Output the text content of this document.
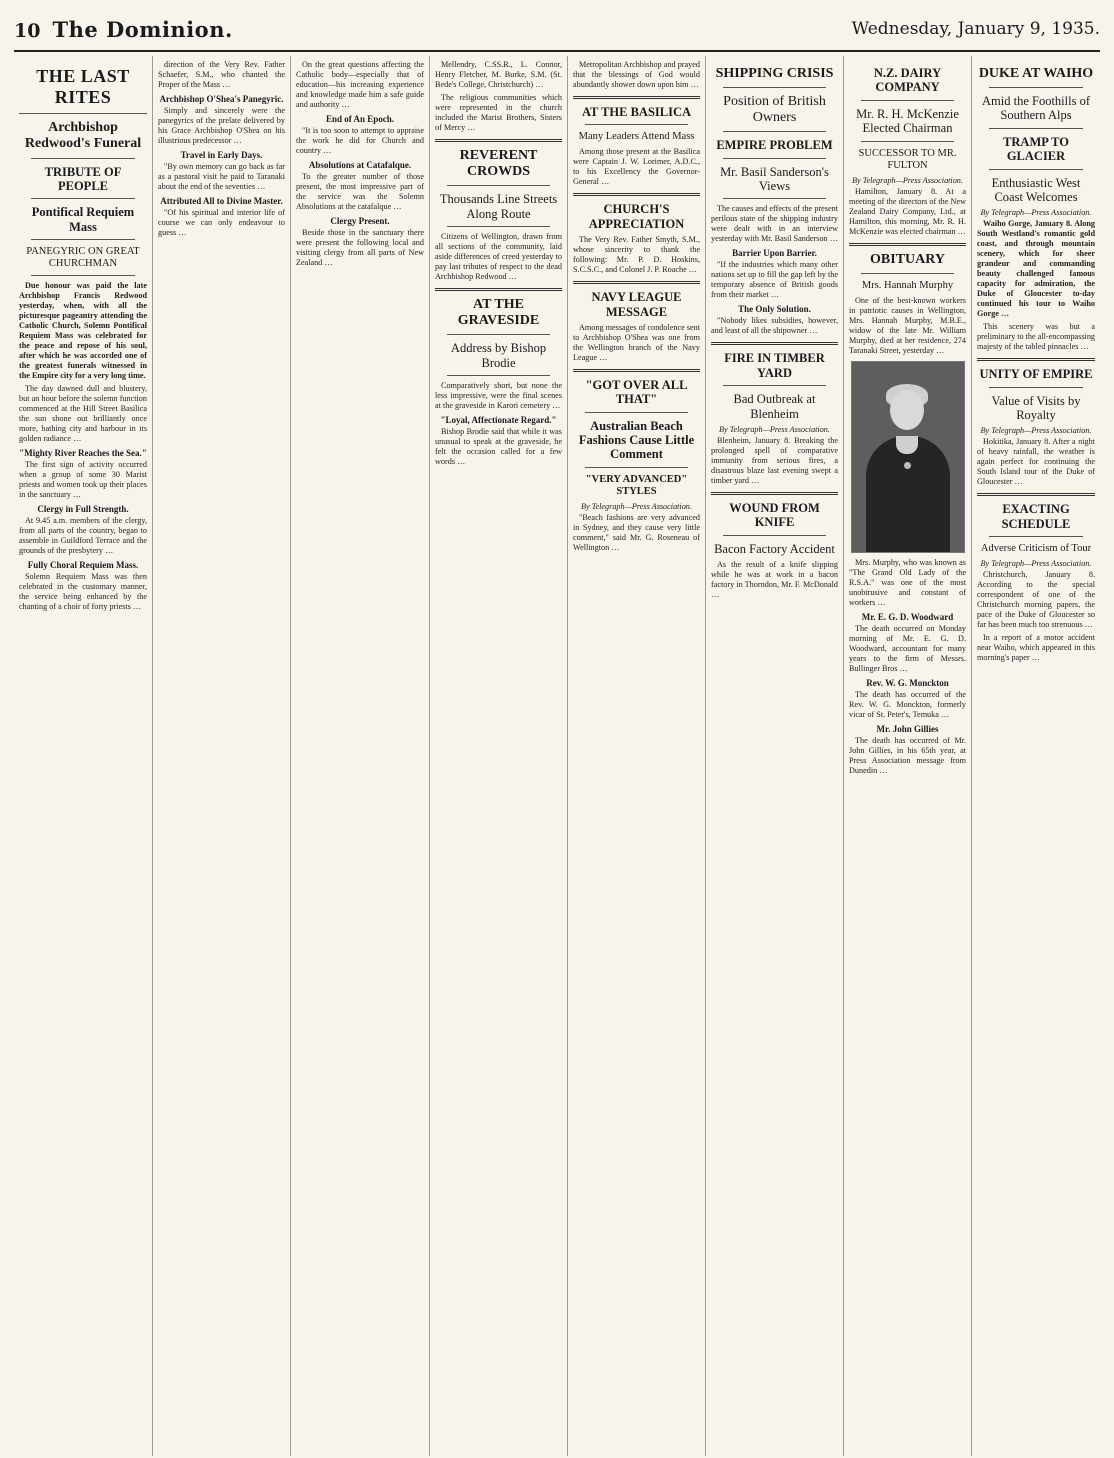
10 The Dominion.	Wednesday, January 9, 1935.
THE LAST RITES
Archbishop Redwood's Funeral
TRIBUTE OF PEOPLE
Pontifical Requiem Mass
PANEGYRIC ON GREAT CHURCHMAN

Due honour was paid the late Archbishop Francis Redwood yesterday, when, with all the picturesque pageantry attending the Catholic Church, Solemn Pontifical Requiem Mass was celebrated for the peace and repose of his soul, after which he was accorded one of the greatest funerals witnessed in the Empire city for a very long time.

The day dawned dull and blustery, but an hour before the solemn function commenced at the Hill Street Basilica the sun shone out brilliantly once more, bathing city and harbour in its golden radiance …

"Mighty River Reaches the Sea."

The first sign of activity occurred when a group of some 30 Marist priests and women took up their places in the sanctuary …

Clergy in Full Strength.

At 9.45 a.m. members of the clergy, from all parts of the country, began to assemble in Guildford Terrace and the grounds of the presbytery …

Fully Choral Requiem Mass.

Solemn Requiem Mass was then celebrated in the customary manner, the service being enhanced by the chanting of a choir of forty priests …

direction of the Very Rev. Father Schaefer, S.M., who chanted the Proper of the Mass …

Archbishop O'Shea's Panegyric.

Simply and sincerely were the panegyrics of the prelate delivered by his Grace Archbishop O'Shea on his illustrious predecessor …

Travel in Early Days.

"By own memory can go back as far as a pastoral visit he paid to Taranaki about the end of the seventies …

Attributed All to Divine Master.

"Of his spiritual and interior life of course we can only endeavour to guess …

On the great questions affecting the Catholic body—especially that of education—his increasing experience and knowledge made him a safe guide and authority …

End of An Epoch.

"It is too soon to attempt to appraise the work he did for Church and country …

Absolutions at Catafalque.

To the greater number of those present, the most impressive part of the service was the Solemn Absolutions at the catafalque …

Clergy Present.

Beside those in the sanctuary there were present the following local and visiting clergy from all parts of New Zealand …

Mellendry, C.SS.R., L. Connor, Henry Fletcher, M. Burke, S.M. (St. Bede's College, Christchurch) …

The religious communities which were represented in the church included the Marist Brothers, Sisters of Mercy …

REVERENT CROWDS
Thousands Line Streets Along Route

Citizens of Wellington, drawn from all sections of the community, laid aside differences of creed yesterday to pay last tributes of respect to the dead Archbishop Redwood …

AT THE GRAVESIDE
Address by Bishop Brodie

Comparatively short, but none the less impressive, were the final scenes at the graveside in Karori cemetery …

"Loyal, Affectionate Regard."

Bishop Brodie said that while it was unusual to speak at the graveside, he felt the occasion called for a few words …

Metropolitan Archbishop and prayed that the blessings of God would abundantly shower down upon him …

AT THE BASILICA
Many Leaders Attend Mass

Among those present at the Basilica were Captain J. W. Lorimer, A.D.C., to his Excellency the Governor-General …

CHURCH'S APPRECIATION

The Very Rev. Father Smyth, S.M., whose sincerity to thank the following: Mr. P. D. Hoskins, S.C.S.C., and Colonel J. P. Roache …

NAVY LEAGUE MESSAGE

Among messages of condolence sent to Archbishop O'Shea was one from the Wellington branch of the Navy League …

"GOT OVER ALL THAT"
Australian Beach Fashions Cause Little Comment
"VERY ADVANCED" STYLES
By Telegraph—Press Association.

"Beach fashions are very advanced in Sydney, and they cause very little comment," said Mr. G. Roseneau of Wellington …

SHIPPING CRISIS
Position of British Owners
EMPIRE PROBLEM
Mr. Basil Sanderson's Views

The causes and effects of the present perilous state of the shipping industry were dealt with in an interview yesterday with Mr. Basil Sanderson …

Barrier Upon Barrier.

"If the industries which many other nations set up to fill the gap left by the temporary absence of British goods from their market …

The Only Solution.

"Nobody likes subsidies, however, and least of all the shipowner …

FIRE IN TIMBER YARD
Bad Outbreak at Blenheim
By Telegraph—Press Association.

Blenheim, January 8. Breaking the prolonged spell of comparative immunity from serious fires, a disastrous blaze last evening swept a timber yard …

WOUND FROM KNIFE
Bacon Factory Accident

As the result of a knife slipping while he was at work in a bacon factory in Thorndon, Mr. F. McDonald …

N.Z. DAIRY COMPANY
Mr. R. H. McKenzie Elected Chairman
SUCCESSOR TO MR. FULTON
By Telegraph—Press Association.

Hamilton, January 8. At a meeting of the directors of the New Zealand Dairy Company, Ltd., at Hamilton, this morning, Mr. R. H. McKenzie was elected chairman …

OBITUARY
Mrs. Hannah Murphy

One of the best-known workers in patriotic causes in Wellington, Mrs. Hannah Murphy, M.B.E., widow of the late Mr. William Murphy, died at her residence, 274 Taranaki Street, yesterday …

Mrs. Murphy, who was known as "The Grand Old Lady of the R.S.A." was one of the most unobtrusive and constant of workers …

Mr. E. G. D. Woodward

The death occurred on Monday morning of Mr. E. G. D. Woodward, accountant for many years to the firm of Messrs. Bullinger Bros …

Rev. W. G. Monckton

The death has occurred of the Rev. W. G. Monckton, formerly vicar of St. Peter's, Temuka …

Mr. John Gillies

The death has occurred of Mr. John Gillies, in his 65th year, at Press Association message from Dunedin …

DUKE AT WAIHO
Amid the Foothills of Southern Alps
TRAMP TO GLACIER
Enthusiastic West Coast Welcomes
By Telegraph—Press Association.

Waiho Gorge, January 8. Along South Westland's romantic gold coast, and through mountain scenery, which for sheer grandeur and commanding beauty challenged famous capacity for admiration, the Duke of Gloucester to-day continued his tour to Waiho Gorge …

This scenery was but a preliminary to the all-encompassing majesty of the tabled pinnacles …

UNITY OF EMPIRE
Value of Visits by Royalty
By Telegraph—Press Association.

Hokitika, January 8. After a night of heavy rainfall, the weather is again perfect for continuing the South Island tour of the Duke of Gloucester …

EXACTING SCHEDULE
Adverse Criticism of Tour
By Telegraph—Press Association.

Christchurch, January 8. According to the special correspondent of one of the Christchurch morning papers, the pace of the Duke of Gloucester so far has been much too strenuous …

In a report of a motor accident near Waiho, which appeared in this morning's paper …
